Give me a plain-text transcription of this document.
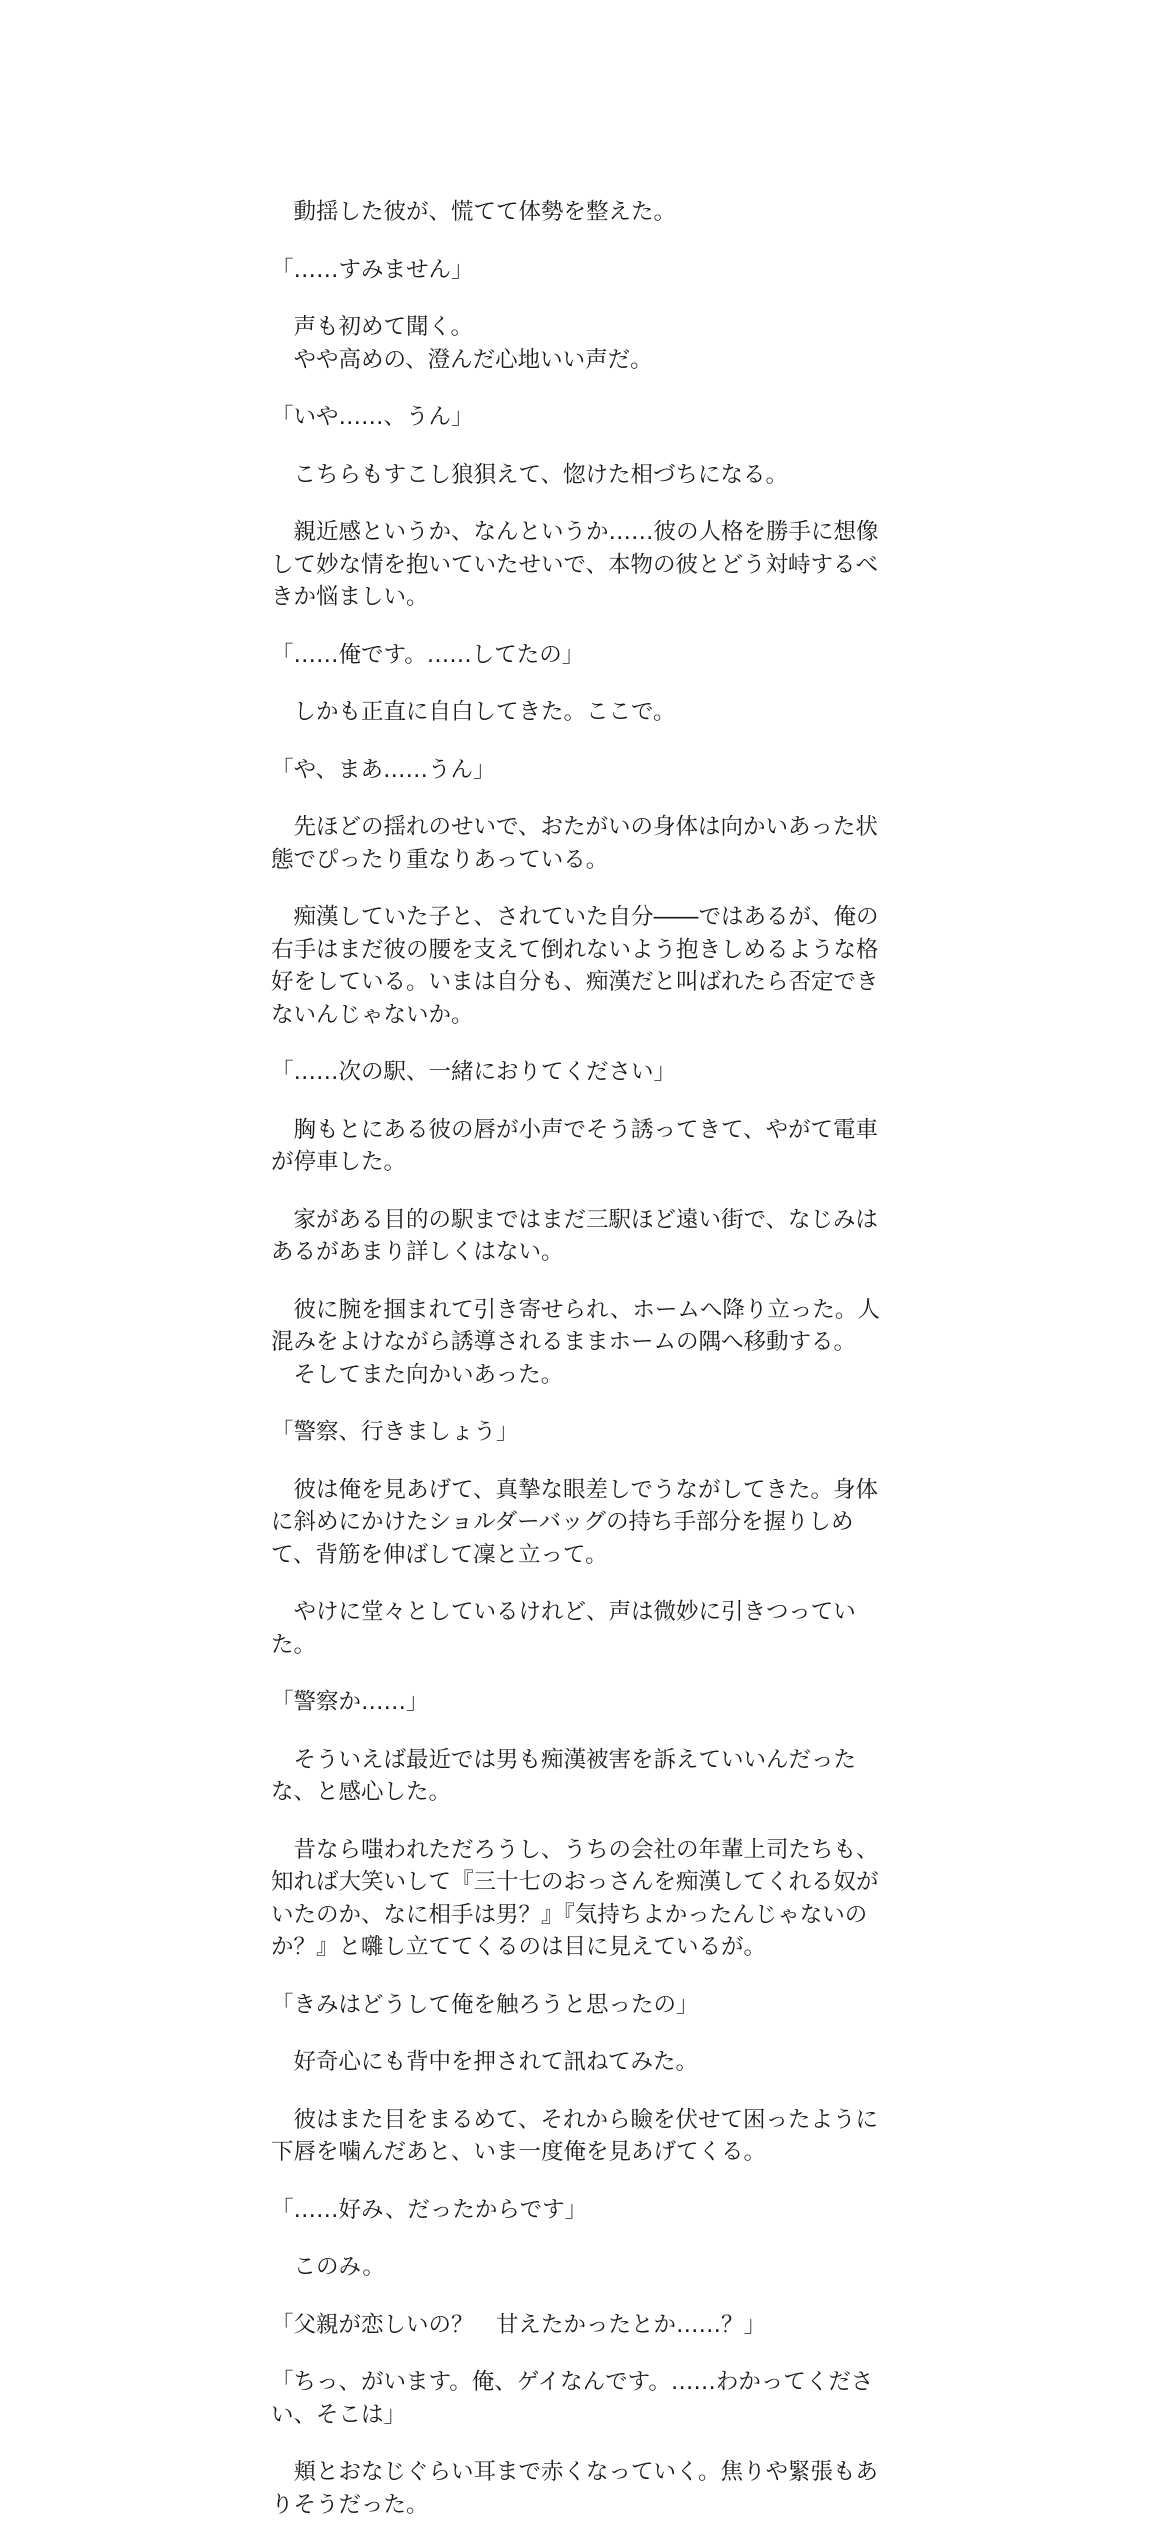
　動揺した彼が、慌てて体勢を整えた。

「……すみません」

　声も初めて聞く。
　やや高めの、澄んだ心地いい声だ。

「いや……、うん」

　こちらもすこし狼狽えて、惚けた相づちになる。

　親近感というか、なんというか……彼の人格を勝手に想像
して妙な情を抱いていたせいで、本物の彼とどう対峙するべ
きか悩ましい。

「……俺です。……してたの」

　しかも正直に自白してきた。ここで。

「や、まあ……うん」

　先ほどの揺れのせいで、おたがいの身体は向かいあった状
態でぴったり重なりあっている。

　痴漢していた子と、されていた自分――ではあるが、俺の
右手はまだ彼の腰を支えて倒れないよう抱きしめるような格
好をしている。いまは自分も、痴漢だと叫ばれたら否定でき
ないんじゃないか。

「……次の駅、一緒におりてください」

　胸もとにある彼の唇が小声でそう誘ってきて、やがて電車
が停車した。

　家がある目的の駅まではまだ三駅ほど遠い街で、なじみは
あるがあまり詳しくはない。

　彼に腕を掴まれて引き寄せられ、ホームへ降り立った。人
混みをよけながら誘導されるままホームの隅へ移動する。
　そしてまた向かいあった。

「警察、行きましょう」

　彼は俺を見あげて、真摯な眼差しでうながしてきた。身体
に斜めにかけたショルダーバッグの持ち手部分を握りしめ
て、背筋を伸ばして凜と立って。

　やけに堂々としているけれど、声は微妙に引きつってい
た。

「警察か……」

　そういえば最近では男も痴漢被害を訴えていいんだった
な、と感心した。

　昔なら嗤われただろうし、うちの会社の年輩上司たちも、
知れば大笑いして『三十七のおっさんを痴漢してくれる奴が
いたのか、なに相手は男？』『気持ちよかったんじゃないの
か？』と囃し立ててくるのは目に見えているが。

「きみはどうして俺を触ろうと思ったの」

　好奇心にも背中を押されて訊ねてみた。

　彼はまた目をまるめて、それから瞼を伏せて困ったように
下唇を噛んだあと、いま一度俺を見あげてくる。

「……好み、だったからです」

　このみ。

「父親が恋しいの？　甘えたかったとか……？」

「ちっ、がいます。俺、ゲイなんです。……わかってくださ
い、そこは」

　頬とおなじぐらい耳まで赤くなっていく。焦りや緊張もあ
りそうだった。
